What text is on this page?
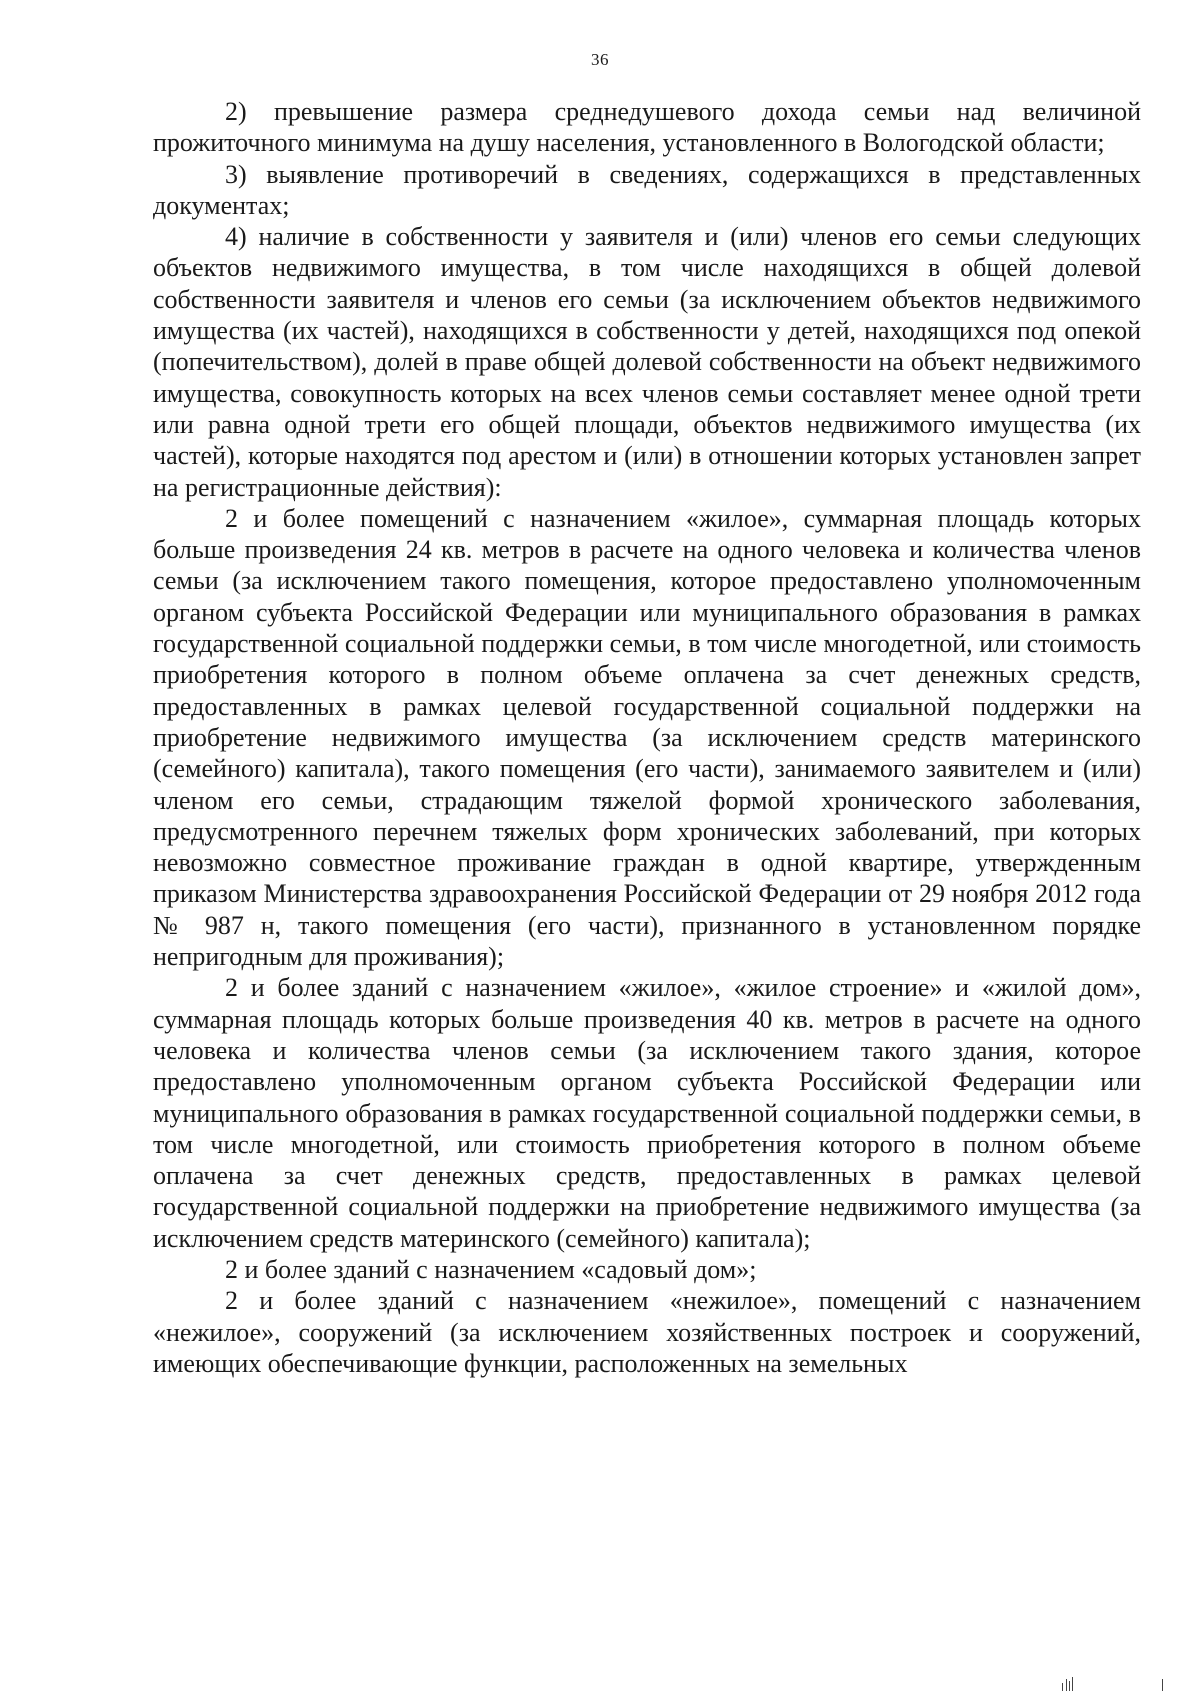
36

2) превышение размера среднедушевого дохода семьи над величиной прожиточного минимума на душу населения, установленного в Вологодской области;

3) выявление противоречий в сведениях, содержащихся в представленных документах;

4) наличие в собственности у заявителя и (или) членов его семьи следующих объектов недвижимого имущества, в том числе находящихся в общей долевой собственности заявителя и членов его семьи (за исключением объектов недвижимого имущества (их частей), находящихся в собственности у детей, находящихся под опекой (попечительством), долей в праве общей долевой собственности на объект недвижимого имущества, совокупность которых на всех членов семьи составляет менее одной трети или равна одной трети его общей площади, объектов недвижимого имущества (их частей), которые находятся под арестом и (или) в отношении которых установлен запрет на регистрационные действия):

2 и более помещений с назначением «жилое», суммарная площадь которых больше произведения 24 кв. метров в расчете на одного человека и количества членов семьи (за исключением такого помещения, которое предоставлено уполномоченным органом субъекта Российской Федерации или муниципального образования в рамках государственной социальной поддержки семьи, в том числе многодетной, или стоимость приобретения которого в полном объеме оплачена за счет денежных средств, предоставленных в рамках целевой государственной социальной поддержки на приобретение недвижимого имущества (за исключением средств материнского (семейного) капитала), такого помещения (его части), занимаемого заявителем и (или) членом его семьи, страдающим тяжелой формой хронического заболевания, предусмотренного перечнем тяжелых форм хронических заболеваний, при которых невозможно совместное проживание граждан в одной квартире, утвержденным приказом Министерства здравоохранения Российской Федерации от 29 ноября 2012 года № 987 н, такого помещения (его части), признанного в установленном порядке непригодным для проживания);

2 и более зданий с назначением «жилое», «жилое строение» и «жилой дом», суммарная площадь которых больше произведения 40 кв. метров в расчете на одного человека и количества членов семьи (за исключением такого здания, которое предоставлено уполномоченным органом субъекта Российской Федерации или муниципального образования в рамках государственной социальной поддержки семьи, в том числе многодетной, или стоимость приобретения которого в полном объеме оплачена за счет денежных средств, предоставленных в рамках целевой государственной социальной поддержки на приобретение недвижимого имущества (за исключением средств материнского (семейного) капитала);

2 и более зданий с назначением «садовый дом»;

2 и более зданий с назначением «нежилое», помещений с назначением «нежилое», сооружений (за исключением хозяйственных построек и сооружений, имеющих обеспечивающие функции, расположенных на земельных
